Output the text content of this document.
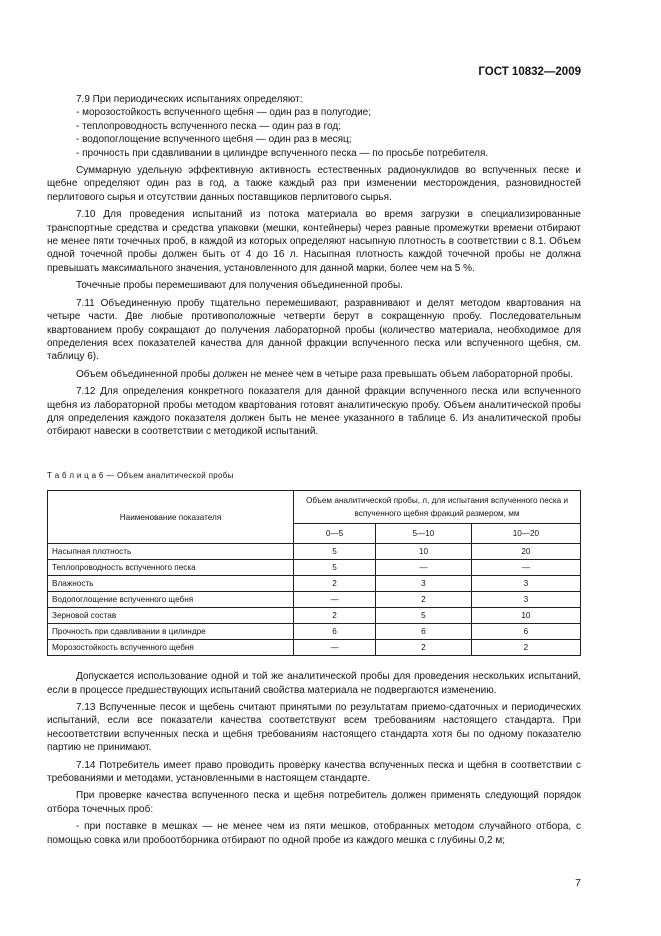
ГОСТ 10832—2009
7.9 При периодических испытаниях определяют:
- морозостойкость вспученного щебня — один раз в полугодие;
- теплопроводность вспученного песка — один раз в год;
- водопоглощение вспученного щебня — один раз в месяц;
- прочность при сдавливании в цилиндре вспученного песка — по просьбе потребителя.
Суммарную удельную эффективную активность естественных радионуклидов во вспученных песке и щебне определяют один раз в год, а также каждый раз при изменении месторождения, разновидностей перлитового сырья и отсутствии данных поставщиков перлитового сырья.
7.10 Для проведения испытаний из потока материала во время загрузки в специализированные транспортные средства и средства упаковки (мешки, контейнеры) через равные промежутки времени отбирают не менее пяти точечных проб, в каждой из которых определяют насыпную плотность в соответствии с 8.1. Объем одной точечной пробы должен быть от 4 до 16 л. Насыпная плотность каждой точечной пробы не должна превышать максимального значения, установленного для данной марки, более чем на 5 %.
Точечные пробы перемешивают для получения объединенной пробы.
7.11 Объединенную пробу тщательно перемешивают, разравнивают и делят методом квартования на четыре части. Две любые противоположные четверти берут в сокращенную пробу. Последовательным квартованием пробу сокращают до получения лабораторной пробы (количество материала, необходимое для определения всех показателей качества для данной фракции вспученного песка или вспученного щебня, см. таблицу 6).
Объем объединенной пробы должен не менее чем в четыре раза превышать объем лабораторной пробы.
7.12 Для определения конкретного показателя для данной фракции вспученного песка или вспученного щебня из лабораторной пробы методом квартования готовят аналитическую пробу. Объем аналитической пробы для определения каждого показателя должен быть не менее указанного в таблице 6. Из аналитической пробы отбирают навески в соответствии с методикой испытаний.
Т а б л и ц а 6 — Объем аналитической пробы
Наименование показателя	Объем аналитической пробы, л, для испытания вспученного песка и вспученного щебня фракций размером, мм		
	0—5	5—10	10—20
Насыпная плотность	5	10	20
Теплопроводность вспученного песка	5	—	—
Влажность	2	3	3
Водопоглощение вспученного щебня	—	2	3
Зерновой состав	2	5	10
Прочность при сдавливании в цилиндре	6	6	6
Морозостойкость вспученного щебня	—	2	2
Допускается использование одной и той же аналитической пробы для проведения нескольких испытаний, если в процессе предшествующих испытаний свойства материала не подвергаются изменению.
7.13 Вспученные песок и щебень считают принятыми по результатам приемо-сдаточных и периодических испытаний, если все показатели качества соответствуют всем требованиям настоящего стандарта. При несоответствии вспученных песка и щебня требованиям настоящего стандарта хотя бы по одному показателю партию не принимают.
7.14 Потребитель имеет право проводить проверку качества вспученных песка и щебня в соответствии с требованиями и методами, установленными в настоящем стандарте.
При проверке качества вспученного песка и щебня потребитель должен применять следующий порядок отбора точечных проб:
- при поставке в мешках — не менее чем из пяти мешков, отобранных методом случайного отбора, с помощью совка или пробоотборника отбирают по одной пробе из каждого мешка с глубины 0,2 м;
7
